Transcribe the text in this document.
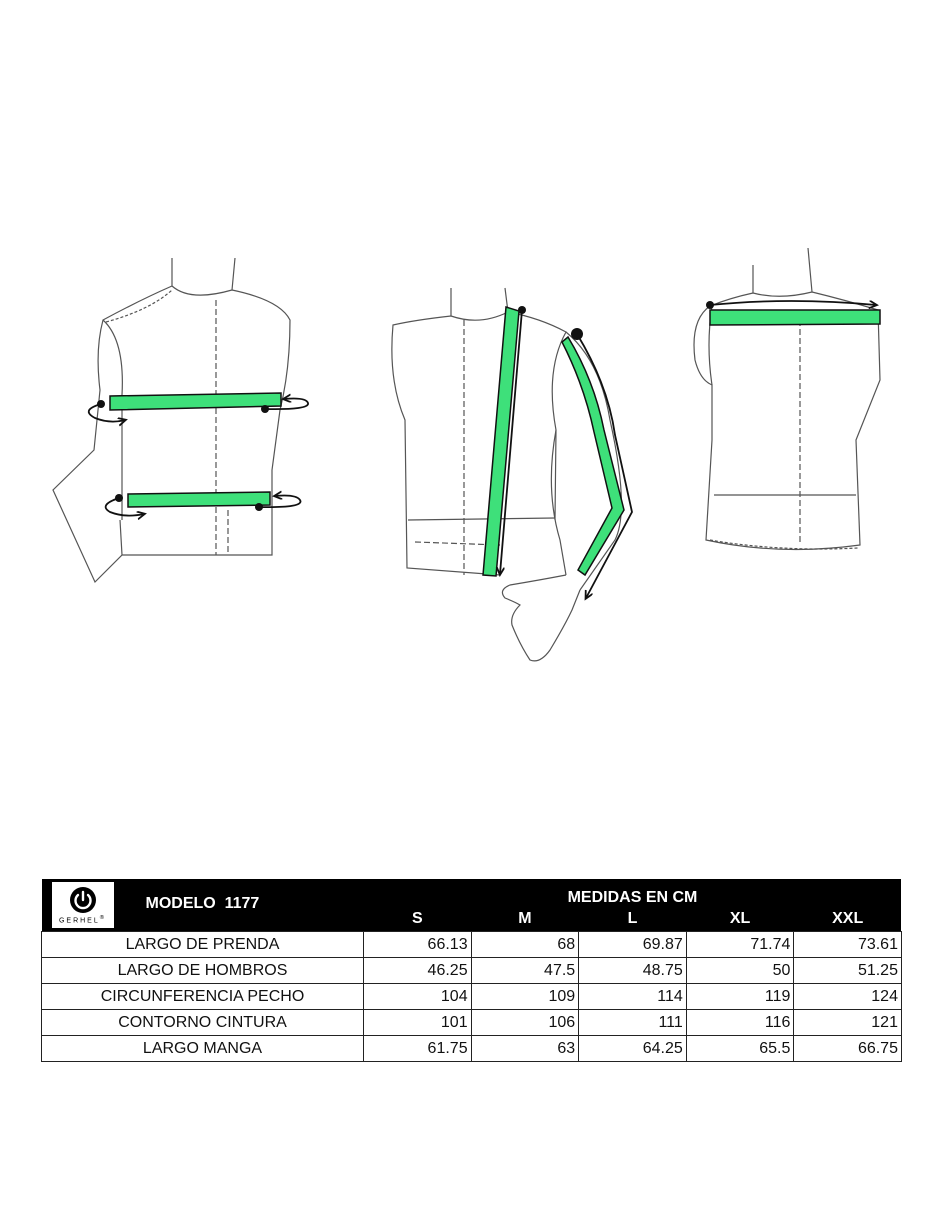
GERHEL®
MODELO  1177	MEDIDAS EN CM				
	S	M	L	XL	XXL
LARGO DE PRENDA	66.13	68	69.87	71.74	73.61
LARGO DE HOMBROS	46.25	47.5	48.75	50	51.25
CIRCUNFERENCIA PECHO	104	109	114	119	124
CONTORNO CINTURA	101	106	111	116	121
LARGO MANGA	61.75	63	64.25	65.5	66.75
